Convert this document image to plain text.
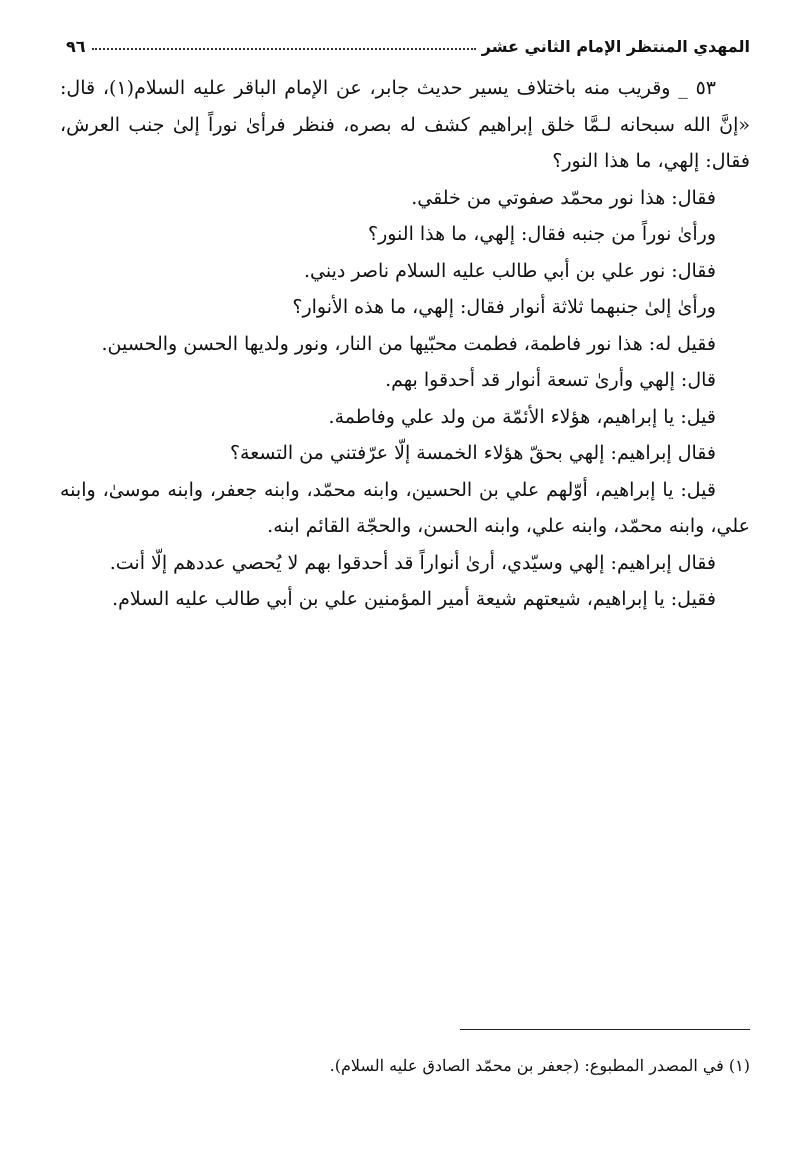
المهدي المنتظر الإمام الثاني عشر
٩٦

٥٣ _ وقريب منه باختلاف يسير حديث جابر، عن الإمام الباقر عليه السلام(١)، قال: «إنَّ الله سبحانه لـمَّا خلق إبراهيم كشف له بصره، فنظر فرأىٰ نوراً إلىٰ جنب العرش، فقال: إلهي، ما هذا النور؟

فقال: هذا نور محمّد صفوتي من خلقي.

ورأىٰ نوراً من جنبه فقال: إلهي، ما هذا النور؟

فقال: نور علي بن أبي طالب عليه السلام ناصر ديني.

ورأىٰ إلىٰ جنبهما ثلاثة أنوار فقال: إلهي، ما هذه الأنوار؟

فقيل له: هذا نور فاطمة، فطمت محبّيها من النار، ونور ولديها الحسن والحسين.

قال: إلهي وأرىٰ تسعة أنوار قد أحدقوا بهم.

قيل: يا إبراهيم، هؤلاء الأئمّة من ولد علي وفاطمة.

فقال إبراهيم: إلهي بحقّ هؤلاء الخمسة إلّا عرّفتني من التسعة؟

قيل: يا إبراهيم، أوّلهم علي بن الحسين، وابنه محمّد، وابنه جعفر، وابنه موسىٰ، وابنه علي، وابنه محمّد، وابنه علي، وابنه الحسن، والحجّة القائم ابنه.

فقال إبراهيم: إلهي وسيّدي، أرىٰ أنواراً قد أحدقوا بهم لا يُحصي عددهم إلّا أنت.

فقيل: يا إبراهيم، شيعتهم شيعة أمير المؤمنين علي بن أبي طالب عليه السلام.

(١) في المصدر المطبوع: (جعفر بن محمّد الصادق عليه السلام).
